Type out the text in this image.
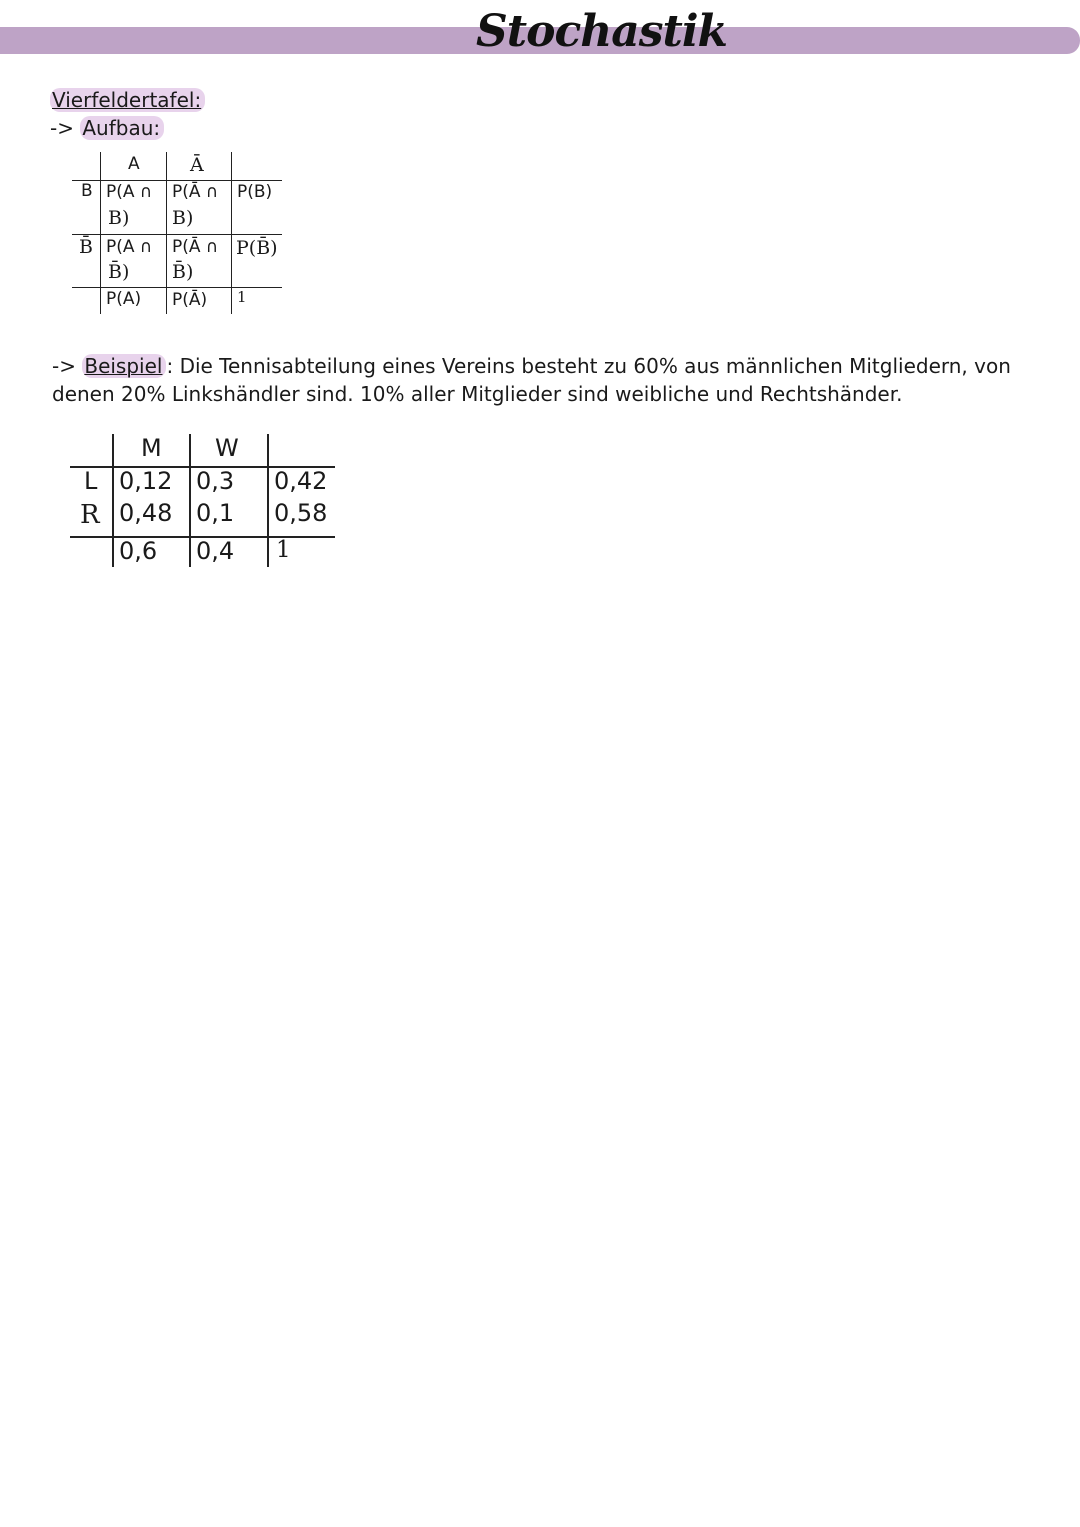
Stochastik
Vierfeldertafel:
-> Aufbau:
A	Ā
B P(A ∩
B)
P(Ā ∩
B)
P(B)
B̄ P(A ∩
B̄)
P(Ā ∩
B̄)
P(B̄)
P(A) P(Ā) 1
-> Beispiel : Die Tennisabteilung eines Vereins besteht zu 60% aus männlichen Mitgliedern, von denen 20% Linkshändler sind. 10% aller Mitglieder sind weibliche und Rechtshänder.
M W
L 0,12 0,3 0,42
R 0,48 0,1 0,58
0,6 0,4 1
